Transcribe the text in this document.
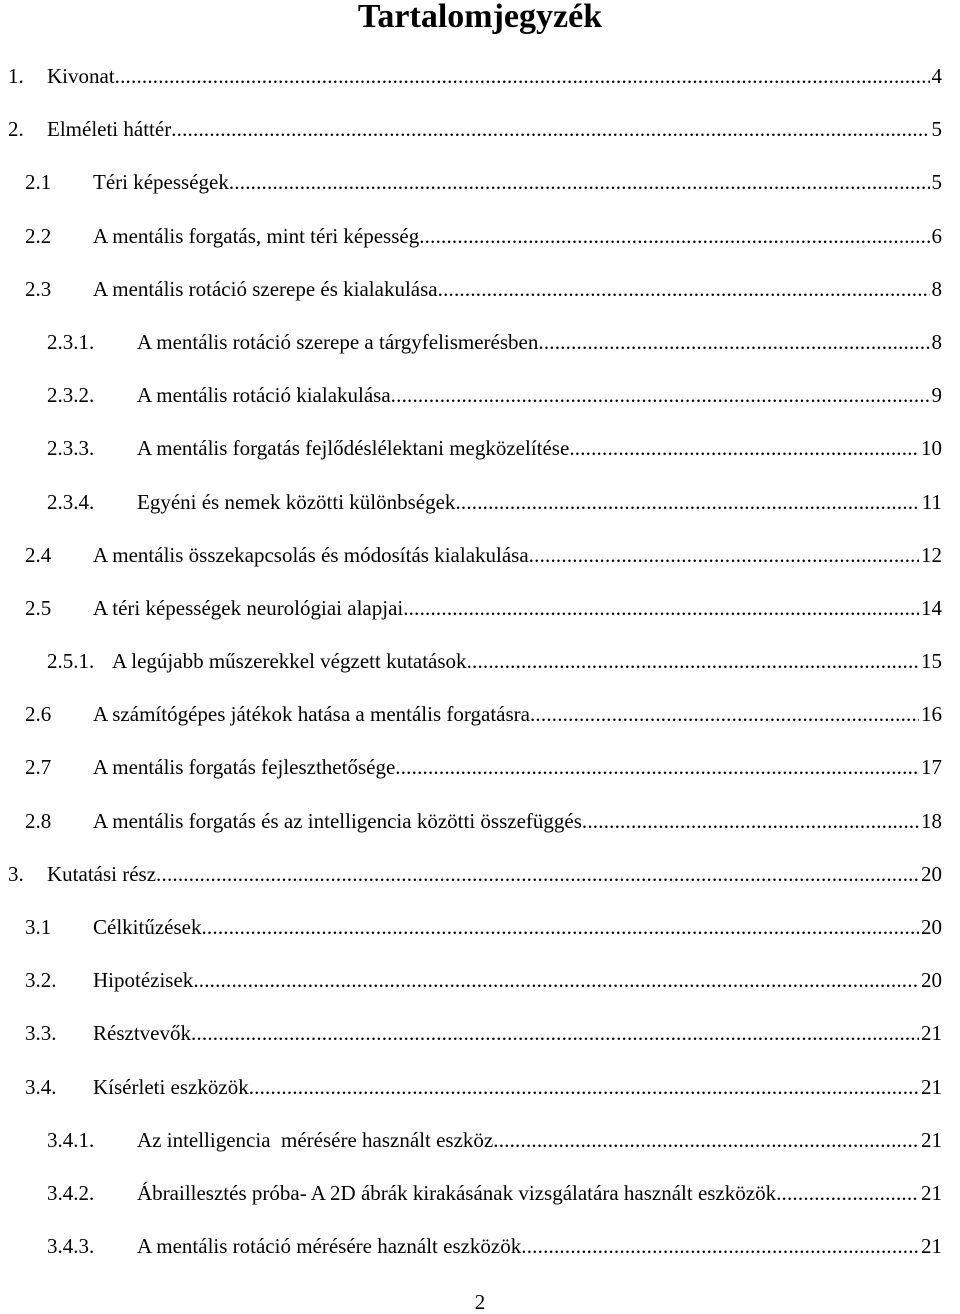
Tartalomjegyzék
1. Kivonat .....	4
2. Elméleti háttér .....	5
2.1 Téri képességek .....	5
2.2 A mentális forgatás, mint téri képesség .....	6
2.3 A mentális rotáció szerepe és kialakulása .....	8
2.3.1. A mentális rotáció szerepe a tárgyfelismerésben .....	8
2.3.2. A mentális rotáció kialakulása .....	9
2.3.3. A mentális forgatás fejlődéslélektani megközelítése .....	10
2.3.4. Egyéni és nemek közötti különbségek .....	11
2.4 A mentális összekapcsolás és módosítás kialakulása .....	12
2.5 A téri képességek neurológiai alapjai .....	14
2.5.1. A legújabb műszerekkel végzett kutatások .....	15
2.6 A számítógépes játékok hatása a mentális forgatásra .....	16
2.7 A mentális forgatás fejleszthetősége .....	17
2.8 A mentális forgatás és az intelligencia közötti összefüggés .....	18
3. Kutatási rész .....	20
3.1 Célkitűzések .....	20
3.2. Hipotézisek .....	20
3.3. Résztvevők .....	21
3.4. Kísérleti eszközök .....	21
3.4.1. Az intelligencia  mérésére használt eszköz .....	21
3.4.2. Ábraillesztés próba- A 2D ábrák kirakásának vizsgálatára használt eszközök .....	21
3.4.3. A mentális rotáció mérésére haznált eszközök .....	21
2
